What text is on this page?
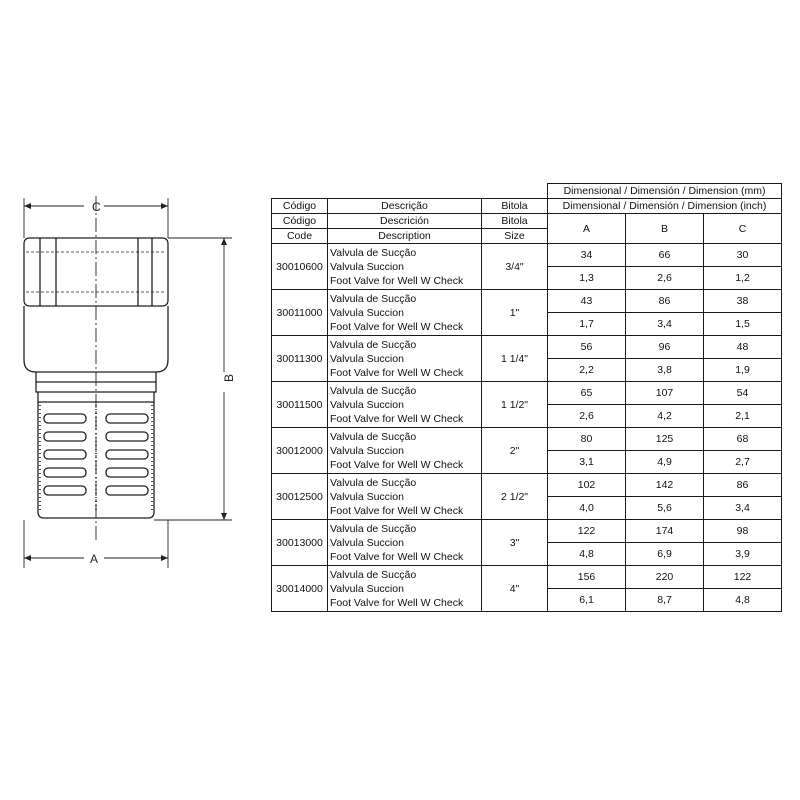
C
A
B
			Dimensional / Dimensión / Dimension (mm)		
Código	Descrição	Bitola	Dimensional / Dimensión / Dimension (inch)		
Código	Descrición	Bitola	A	B	C
Code	Description	Size			
30010600	Valvula de Sucção
Valvula Succion
Foot Valve for Well W Check	3/4"	34	66	30
			1,3	2,6	1,2
30011000	Valvula de Sucção
Valvula Succion
Foot Valve for Well W Check	1"	43	86	38
			1,7	3,4	1,5
30011300	Valvula de Sucção
Valvula Succion
Foot Valve for Well W Check	1 1/4"	56	96	48
			2,2	3,8	1,9
30011500	Valvula de Sucção
Valvula Succion
Foot Valve for Well W Check	1 1/2"	65	107	54
			2,6	4,2	2,1
30012000	Valvula de Sucção
Valvula Succion
Foot Valve for Well W Check	2"	80	125	68
			3,1	4,9	2,7
30012500	Valvula de Sucção
Valvula Succion
Foot Valve for Well W Check	2 1/2"	102	142	86
			4,0	5,6	3,4
30013000	Valvula de Sucção
Valvula Succion
Foot Valve for Well W Check	3"	122	174	98
			4,8	6,9	3,9
30014000	Valvula de Sucção
Valvula Succion
Foot Valve for Well W Check	4"	156	220	122
			6,1	8,7	4,8
